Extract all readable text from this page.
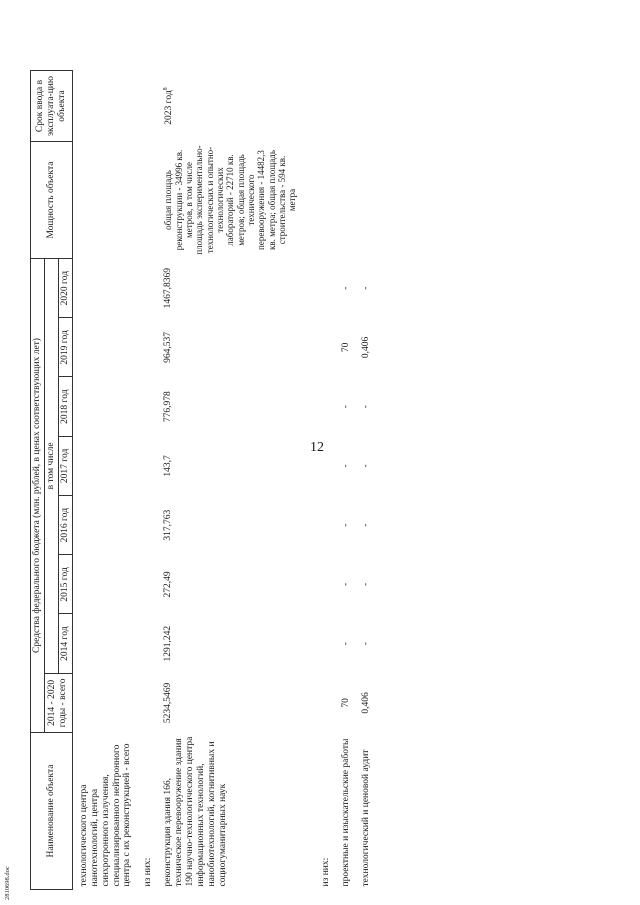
12
Наименование объекта	Средства федерального бюджета (млн. рублей, в ценах соответствующих лет)								Мощность объекта	Срок ввода в эксплуата-цию объекта
	2014 - 2020 годы - всего	в том числе								
		2014 год	2015 год	2016 год	2017 год	2018 год	2019 год	2020 год		
технологического центра нанотехнологий, центра синхротронного излучения, специализированного нейтронного центра с их реконструкцией - всего										
из них:										
реконструкция здания 166, техническое перевооружение здания 190 научно-технологического центра информационных технологий, нанобиотехнологий, когнитивных и социогуманитарных наук	5234,5469	1291,242	272,49	317,763	143,7	776,978	964,537	1467,8369	общая площадь реконструкции - 34996 кв. метров, в том числе площадь экспериментально-технологических и опытно-технологических лабораторий - 22710 кв. метров; общая площадь технического перевооружения - 14482,3 кв. метра; общая площадь строительства - 594 кв. метра	2023 год$^8$
из них:										
проектные и изыскательские работы	70	-	-	-	-	-	70	-		
технологический и ценовой аудит	0,406	-	-	-	-	-	0,406	-		
2810698.doc
